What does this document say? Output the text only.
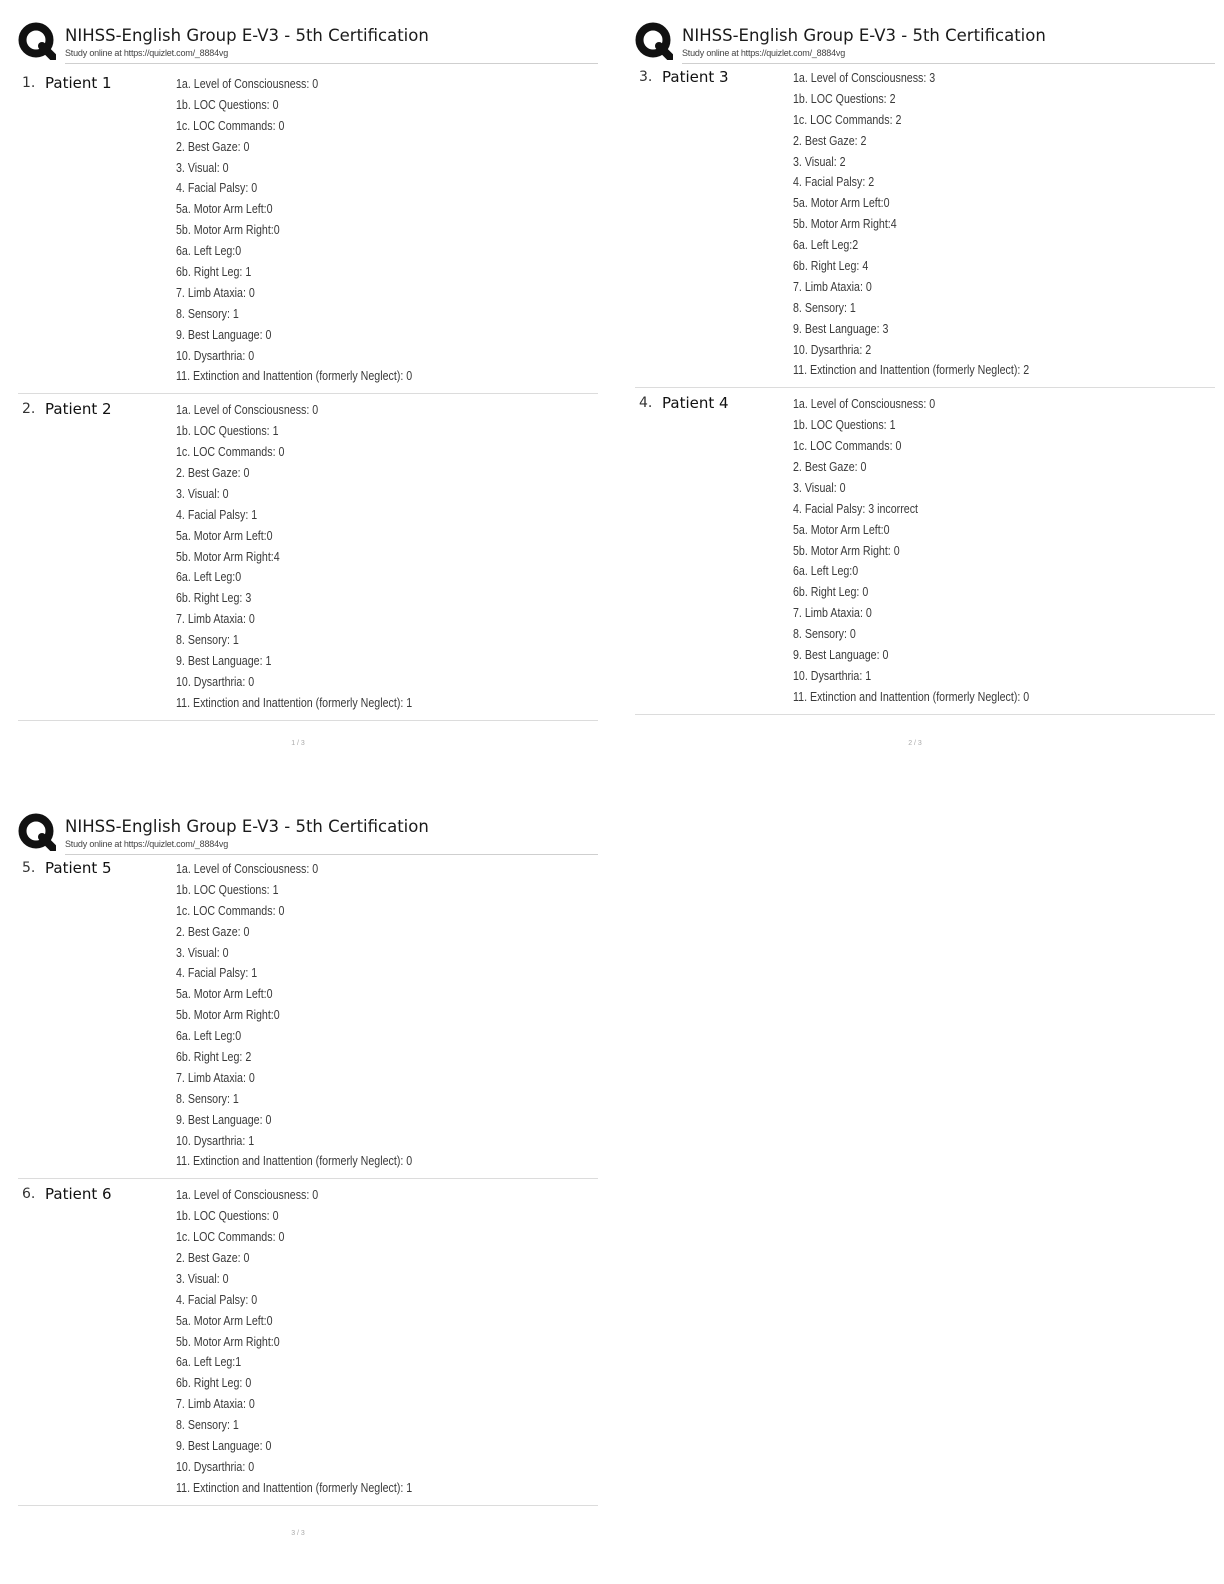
NIHSS-English Group E-V3 - 5th Certification
Study online at https://quizlet.com/_8884vg
1. Patient 1	1a. Level of Consciousness: 0
1b. LOC Questions: 0
1c. LOC Commands: 0
2. Best Gaze: 0
3. Visual: 0
4. Facial Palsy: 0
5a. Motor Arm Left:0
5b. Motor Arm Right:0
6a. Left Leg:0
6b. Right Leg: 1
7. Limb Ataxia: 0
8. Sensory: 1
9. Best Language: 0
10. Dysarthria: 0
11. Extinction and Inattention (formerly Neglect): 0
2. Patient 2	1a. Level of Consciousness: 0
1b. LOC Questions: 1
1c. LOC Commands: 0
2. Best Gaze: 0
3. Visual: 0
4. Facial Palsy: 1
5a. Motor Arm Left:0
5b. Motor Arm Right:4
6a. Left Leg:0
6b. Right Leg: 3
7. Limb Ataxia: 0
8. Sensory: 1
9. Best Language: 1
10. Dysarthria: 0
11. Extinction and Inattention (formerly Neglect): 1
1 / 3
NIHSS-English Group E-V3 - 5th Certification
Study online at https://quizlet.com/_8884vg
3. Patient 3	1a. Level of Consciousness: 3
1b. LOC Questions: 2
1c. LOC Commands: 2
2. Best Gaze: 2
3. Visual: 2
4. Facial Palsy: 2
5a. Motor Arm Left:0
5b. Motor Arm Right:4
6a. Left Leg:2
6b. Right Leg: 4
7. Limb Ataxia: 0
8. Sensory: 1
9. Best Language: 3
10. Dysarthria: 2
11. Extinction and Inattention (formerly Neglect): 2
4. Patient 4	1a. Level of Consciousness: 0
1b. LOC Questions: 1
1c. LOC Commands: 0
2. Best Gaze: 0
3. Visual: 0
4. Facial Palsy: 3 incorrect
5a. Motor Arm Left:0
5b. Motor Arm Right: 0
6a. Left Leg:0
6b. Right Leg: 0
7. Limb Ataxia: 0
8. Sensory: 0
9. Best Language: 0
10. Dysarthria: 1
11. Extinction and Inattention (formerly Neglect): 0
2 / 3
NIHSS-English Group E-V3 - 5th Certification
Study online at https://quizlet.com/_8884vg
5. Patient 5	1a. Level of Consciousness: 0
1b. LOC Questions: 1
1c. LOC Commands: 0
2. Best Gaze: 0
3. Visual: 0
4. Facial Palsy: 1
5a. Motor Arm Left:0
5b. Motor Arm Right:0
6a. Left Leg:0
6b. Right Leg: 2
7. Limb Ataxia: 0
8. Sensory: 1
9. Best Language: 0
10. Dysarthria: 1
11. Extinction and Inattention (formerly Neglect): 0
6. Patient 6	1a. Level of Consciousness: 0
1b. LOC Questions: 0
1c. LOC Commands: 0
2. Best Gaze: 0
3. Visual: 0
4. Facial Palsy: 0
5a. Motor Arm Left:0
5b. Motor Arm Right:0
6a. Left Leg:1
6b. Right Leg: 0
7. Limb Ataxia: 0
8. Sensory: 1
9. Best Language: 0
10. Dysarthria: 0
11. Extinction and Inattention (formerly Neglect): 1
3 / 3
